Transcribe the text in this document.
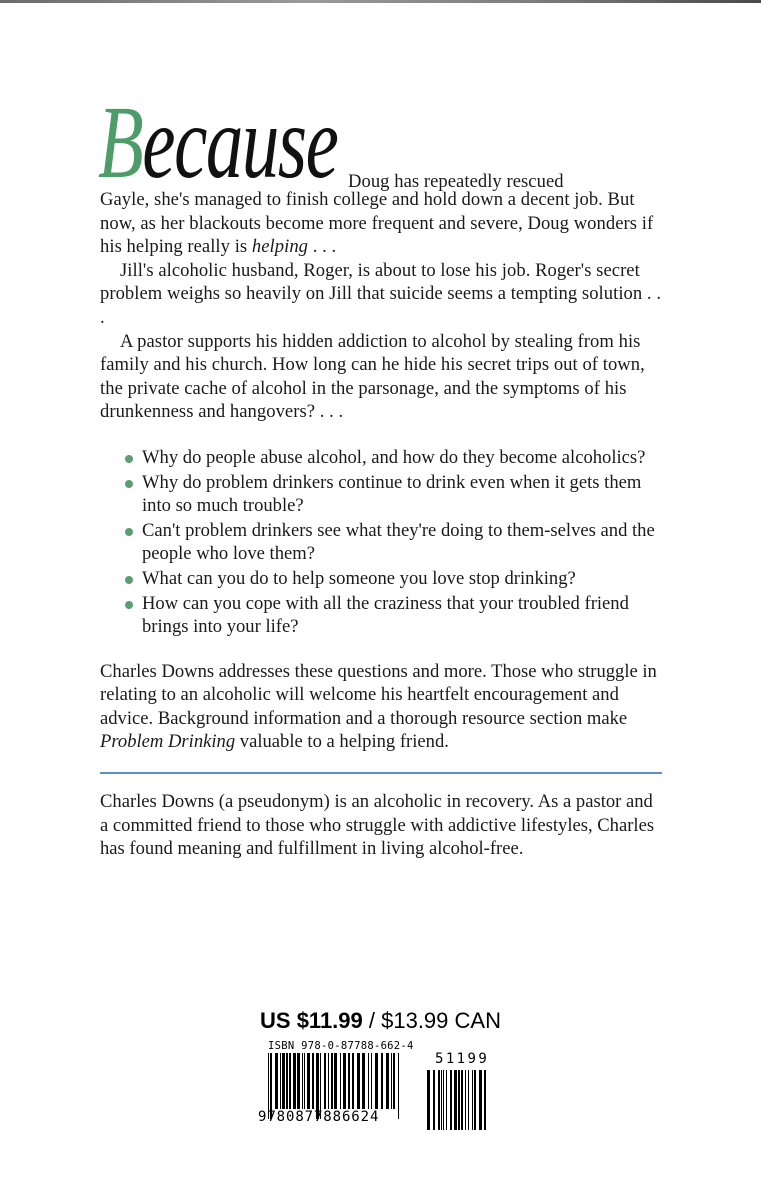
Because Doug has repeatedly rescued

Gayle, she's managed to finish college and hold down a decent job. But now, as her blackouts become more frequent and severe, Doug wonders if his helping really is helping . . .

Jill's alcoholic husband, Roger, is about to lose his job. Roger's secret problem weighs so heavily on Jill that suicide seems a tempting solution . . .

A pastor supports his hidden addiction to alcohol by stealing from his family and his church. How long can he hide his secret trips out of town, the private cache of alcohol in the parsonage, and the symptoms of his drunkenness and hangovers? . . .

Why do people abuse alcohol, and how do they become alcoholics?
Why do problem drinkers continue to drink even when it gets them into so much trouble?
Can't problem drinkers see what they're doing to them-selves and the people who love them?
What can you do to help someone you love stop drinking?
How can you cope with all the craziness that your troubled friend brings into your life?

Charles Downs addresses these questions and more. Those who struggle in relating to an alcoholic will welcome his heartfelt encouragement and advice. Background information and a thorough resource section make Problem Drinking valuable to a helping friend.

Charles Downs (a pseudonym) is an alcoholic in recovery. As a pastor and a committed friend to those who struggle with addictive lifestyles, Charles has found meaning and fulfillment in living alcohol-free.

US $11.99 / $13.99 CAN
ISBN 978-0-87788-662-4
9780877886624
51199
